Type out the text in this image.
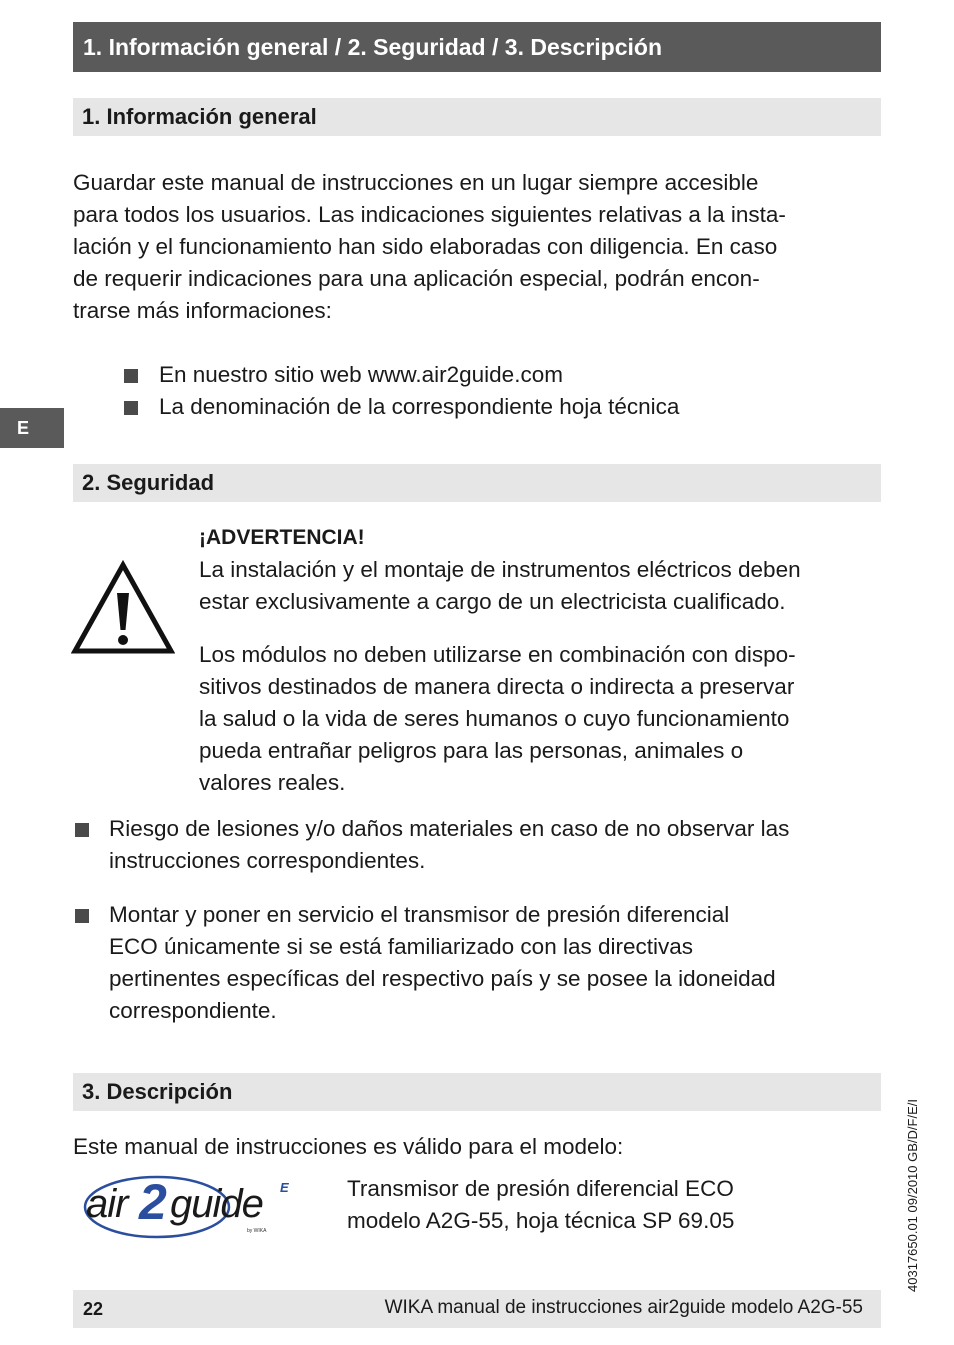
1. Información general / 2. Seguridad / 3. Descripción
E
1. Información general

Guardar este manual de instrucciones en un lugar siempre accesible

para todos los usuarios. Las indicaciones siguientes relativas a la insta-

lación y el funcionamiento han sido elaboradas con diligencia. En caso

de requerir indicaciones para una aplicación especial, podrán encon-

trarse más informaciones:

En nuestro sitio web www.air2guide.com

La denominación de la correspondiente hoja técnica

2. Seguridad

¡ADVERTENCIA!

La instalación y el montaje de instrumentos eléctricos deben

estar exclusivamente a cargo de un electricista cualificado.

Los módulos no deben utilizarse en combinación con dispo-

sitivos destinados de manera directa o indirecta a preservar

la salud o la vida de seres humanos o cuyo funcionamiento

pueda entrañar peligros para las personas, animales o

valores reales.

Riesgo de lesiones y/o daños materiales en caso de no observar las

instrucciones correspondientes.

Montar y poner en servicio el transmisor de presión diferencial

ECO únicamente si se está familiarizado con las directivas

pertinentes específicas del respectivo país y se posee la idoneidad

correspondiente.

3. Descripción

Este manual de instrucciones es válido para el modelo:

air 2 guide E
by WIKA

Transmisor de presión diferencial ECO

modelo A2G-55, hoja técnica SP 69.05	40317650.01 09/2010 GB/D/F/E/I
22	WIKA manual de instrucciones air2guide modelo A2G-55
